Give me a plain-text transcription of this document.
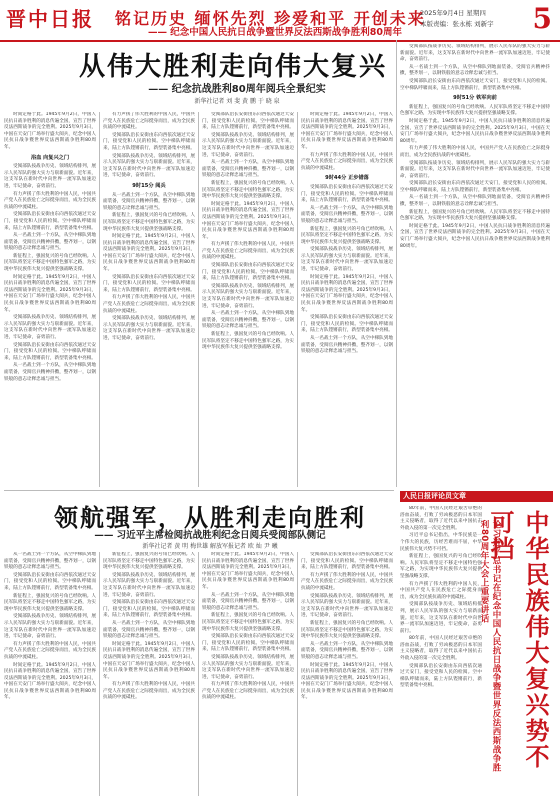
晋中日报 铭记历史 缅怀先烈 珍爱和平 开创未来
—— 纪念中国人民抗日战争暨世界反法西斯战争胜利80周年
2025年9月4日 星期四
本版责编：张永栋 刘新宇 5
从伟大胜利走向伟大复兴
—— 纪念抗战胜利80周年阅兵全景纪实
新华社记者 刘 斐 黄 鹏 于 晓 泉

时间定格于此。1945年9月2日，中国人民抗日战争胜利的消息传遍全国，宣告了世界反法西斯战争的完全胜利。2025年9月3日，中国在天安门广场举行盛大阅兵，纪念中国人民抗日战争暨世界反法西斯战争胜利80周年。

浴血 向复兴之门

受阅部队按战争历史、领域结构排列，展示人民军队的强大实力与崭新面貌。近年来，这支军队在新时代中向世界一流军队加速迈进，牢记使命，奋勇前行。

有力声援了伟大胜利的中国人民，中国共产党人在民族危亡之际挺身而出，成为全民族抗战的中流砥柱。

受阅部队沿长安街由东向西依次通过天安门，接受党和人民的检阅。空中梯队呼啸而来，陆上方队铿锵前行，新型装备集中亮相。

从一名战士到一个方队，从空中梯队到地面装备，受阅官兵精神抖擞，整齐划一，以钢铁般的意志诠释忠诚与担当。

新征程上，强国复兴的号角已经吹响。人民军队将坚定不移走中国特色强军之路，为实现中华民族伟大复兴提供坚强战略支撑。

时间定格于此。1945年9月2日，中国人民抗日战争胜利的消息传遍全国，宣告了世界反法西斯战争的完全胜利。2025年9月3日，中国在天安门广场举行盛大阅兵，纪念中国人民抗日战争暨世界反法西斯战争胜利80周年。

受阅部队按战争历史、领域结构排列，展示人民军队的强大实力与崭新面貌。近年来，这支军队在新时代中向世界一流军队加速迈进，牢记使命，奋勇前行。

受阅部队沿长安街由东向西依次通过天安门，接受党和人民的检阅。空中梯队呼啸而来，陆上方队铿锵前行，新型装备集中亮相。

从一名战士到一个方队，从空中梯队到地面装备，受阅官兵精神抖擞，整齐划一，以钢铁般的意志诠释忠诚与担当。

有力声援了伟大胜利的中国人民，中国共产党人在民族危亡之际挺身而出，成为全民族抗战的中流砥柱。

受阅部队沿长安街由东向西依次通过天安门，接受党和人民的检阅。空中梯队呼啸而来，陆上方队铿锵前行，新型装备集中亮相。

受阅部队按战争历史、领域结构排列，展示人民军队的强大实力与崭新面貌。近年来，这支军队在新时代中向世界一流军队加速迈进，牢记使命，奋勇前行。

9时15分 阅兵

从一名战士到一个方队，从空中梯队到地面装备，受阅官兵精神抖擞，整齐划一，以钢铁般的意志诠释忠诚与担当。

新征程上，强国复兴的号角已经吹响。人民军队将坚定不移走中国特色强军之路，为实现中华民族伟大复兴提供坚强战略支撑。

时间定格于此。1945年9月2日，中国人民抗日战争胜利的消息传遍全国，宣告了世界反法西斯战争的完全胜利。2025年9月3日，中国在天安门广场举行盛大阅兵，纪念中国人民抗日战争暨世界反法西斯战争胜利80周年。

受阅部队沿长安街由东向西依次通过天安门，接受党和人民的检阅。空中梯队呼啸而来，陆上方队铿锵前行，新型装备集中亮相。

有力声援了伟大胜利的中国人民，中国共产党人在民族危亡之际挺身而出，成为全民族抗战的中流砥柱。

受阅部队按战争历史、领域结构排列，展示人民军队的强大实力与崭新面貌。近年来，这支军队在新时代中向世界一流军队加速迈进，牢记使命，奋勇前行。

受阅部队沿长安街由东向西依次通过天安门，接受党和人民的检阅。空中梯队呼啸而来，陆上方队铿锵前行，新型装备集中亮相。

受阅部队按战争历史、领域结构排列，展示人民军队的强大实力与崭新面貌。近年来，这支军队在新时代中向世界一流军队加速迈进，牢记使命，奋勇前行。

从一名战士到一个方队，从空中梯队到地面装备，受阅官兵精神抖擞，整齐划一，以钢铁般的意志诠释忠诚与担当。

新征程上，强国复兴的号角已经吹响。人民军队将坚定不移走中国特色强军之路，为实现中华民族伟大复兴提供坚强战略支撑。

时间定格于此。1945年9月2日，中国人民抗日战争胜利的消息传遍全国，宣告了世界反法西斯战争的完全胜利。2025年9月3日，中国在天安门广场举行盛大阅兵，纪念中国人民抗日战争暨世界反法西斯战争胜利80周年。

有力声援了伟大胜利的中国人民，中国共产党人在民族危亡之际挺身而出，成为全民族抗战的中流砥柱。

受阅部队沿长安街由东向西依次通过天安门，接受党和人民的检阅。空中梯队呼啸而来，陆上方队铿锵前行，新型装备集中亮相。

受阅部队按战争历史、领域结构排列，展示人民军队的强大实力与崭新面貌。近年来，这支军队在新时代中向世界一流军队加速迈进，牢记使命，奋勇前行。

从一名战士到一个方队，从空中梯队到地面装备，受阅官兵精神抖擞，整齐划一，以钢铁般的意志诠释忠诚与担当。

新征程上，强国复兴的号角已经吹响。人民军队将坚定不移走中国特色强军之路，为实现中华民族伟大复兴提供坚强战略支撑。

时间定格于此。1945年9月2日，中国人民抗日战争胜利的消息传遍全国，宣告了世界反法西斯战争的完全胜利。2025年9月3日，中国在天安门广场举行盛大阅兵，纪念中国人民抗日战争暨世界反法西斯战争胜利80周年。

有力声援了伟大胜利的中国人民，中国共产党人在民族危亡之际挺身而出，成为全民族抗战的中流砥柱。

9时44分 正步错落

受阅部队沿长安街由东向西依次通过天安门，接受党和人民的检阅。空中梯队呼啸而来，陆上方队铿锵前行，新型装备集中亮相。

从一名战士到一个方队，从空中梯队到地面装备，受阅官兵精神抖擞，整齐划一，以钢铁般的意志诠释忠诚与担当。

新征程上，强国复兴的号角已经吹响。人民军队将坚定不移走中国特色强军之路，为实现中华民族伟大复兴提供坚强战略支撑。

受阅部队按战争历史、领域结构排列，展示人民军队的强大实力与崭新面貌。近年来，这支军队在新时代中向世界一流军队加速迈进，牢记使命，奋勇前行。

时间定格于此。1945年9月2日，中国人民抗日战争胜利的消息传遍全国，宣告了世界反法西斯战争的完全胜利。2025年9月3日，中国在天安门广场举行盛大阅兵，纪念中国人民抗日战争暨世界反法西斯战争胜利80周年。

受阅部队沿长安街由东向西依次通过天安门，接受党和人民的检阅。空中梯队呼啸而来，陆上方队铿锵前行，新型装备集中亮相。

从一名战士到一个方队，从空中梯队到地面装备，受阅官兵精神抖擞，整齐划一，以钢铁般的意志诠释忠诚与担当。

受阅部队按战争历史、领域结构排列，展示人民军队的强大实力与崭新面貌。近年来，这支军队在新时代中向世界一流军队加速迈进，牢记使命，奋勇前行。

从一名战士到一个方队，从空中梯队到地面装备，受阅官兵精神抖擞，整齐划一，以钢铁般的意志诠释忠诚与担当。

受阅部队沿长安街由东向西依次通过天安门，接受党和人民的检阅。空中梯队呼啸而来，陆上方队铿锵前行，新型装备集中亮相。

9时51分 铁军向前

新征程上，强国复兴的号角已经吹响。人民军队将坚定不移走中国特色强军之路，为实现中华民族伟大复兴提供坚强战略支撑。

时间定格于此。1945年9月2日，中国人民抗日战争胜利的消息传遍全国，宣告了世界反法西斯战争的完全胜利。2025年9月3日，中国在天安门广场举行盛大阅兵，纪念中国人民抗日战争暨世界反法西斯战争胜利80周年。

有力声援了伟大胜利的中国人民，中国共产党人在民族危亡之际挺身而出，成为全民族抗战的中流砥柱。

受阅部队按战争历史、领域结构排列，展示人民军队的强大实力与崭新面貌。近年来，这支军队在新时代中向世界一流军队加速迈进，牢记使命，奋勇前行。

受阅部队沿长安街由东向西依次通过天安门，接受党和人民的检阅。空中梯队呼啸而来，陆上方队铿锵前行，新型装备集中亮相。

从一名战士到一个方队，从空中梯队到地面装备，受阅官兵精神抖擞，整齐划一，以钢铁般的意志诠释忠诚与担当。

新征程上，强国复兴的号角已经吹响。人民军队将坚定不移走中国特色强军之路，为实现中华民族伟大复兴提供坚强战略支撑。

时间定格于此。1945年9月2日，中国人民抗日战争胜利的消息传遍全国，宣告了世界反法西斯战争的完全胜利。2025年9月3日，中国在天安门广场举行盛大阅兵，纪念中国人民抗日战争暨世界反法西斯战争胜利80周年。

领航强军，从胜利走向胜利
—— 习近平主席检阅抗战胜利纪念日阅兵受阅部队侧记
新华社记者 黄 明 梅世雄 解放军报记者 欧 灿 尹 曦

从一名战士到一个方队，从空中梯队到地面装备，受阅官兵精神抖擞，整齐划一，以钢铁般的意志诠释忠诚与担当。

受阅部队沿长安街由东向西依次通过天安门，接受党和人民的检阅。空中梯队呼啸而来，陆上方队铿锵前行，新型装备集中亮相。

新征程上，强国复兴的号角已经吹响。人民军队将坚定不移走中国特色强军之路，为实现中华民族伟大复兴提供坚强战略支撑。

受阅部队按战争历史、领域结构排列，展示人民军队的强大实力与崭新面貌。近年来，这支军队在新时代中向世界一流军队加速迈进，牢记使命，奋勇前行。

有力声援了伟大胜利的中国人民，中国共产党人在民族危亡之际挺身而出，成为全民族抗战的中流砥柱。

时间定格于此。1945年9月2日，中国人民抗日战争胜利的消息传遍全国，宣告了世界反法西斯战争的完全胜利。2025年9月3日，中国在天安门广场举行盛大阅兵，纪念中国人民抗日战争暨世界反法西斯战争胜利80周年。

新征程上，强国复兴的号角已经吹响。人民军队将坚定不移走中国特色强军之路，为实现中华民族伟大复兴提供坚强战略支撑。

受阅部队按战争历史、领域结构排列，展示人民军队的强大实力与崭新面貌。近年来，这支军队在新时代中向世界一流军队加速迈进，牢记使命，奋勇前行。

受阅部队沿长安街由东向西依次通过天安门，接受党和人民的检阅。空中梯队呼啸而来，陆上方队铿锵前行，新型装备集中亮相。

从一名战士到一个方队，从空中梯队到地面装备，受阅官兵精神抖擞，整齐划一，以钢铁般的意志诠释忠诚与担当。

时间定格于此。1945年9月2日，中国人民抗日战争胜利的消息传遍全国，宣告了世界反法西斯战争的完全胜利。2025年9月3日，中国在天安门广场举行盛大阅兵，纪念中国人民抗日战争暨世界反法西斯战争胜利80周年。

有力声援了伟大胜利的中国人民，中国共产党人在民族危亡之际挺身而出，成为全民族抗战的中流砥柱。

时间定格于此。1945年9月2日，中国人民抗日战争胜利的消息传遍全国，宣告了世界反法西斯战争的完全胜利。2025年9月3日，中国在天安门广场举行盛大阅兵，纪念中国人民抗日战争暨世界反法西斯战争胜利80周年。

从一名战士到一个方队，从空中梯队到地面装备，受阅官兵精神抖擞，整齐划一，以钢铁般的意志诠释忠诚与担当。

新征程上，强国复兴的号角已经吹响。人民军队将坚定不移走中国特色强军之路，为实现中华民族伟大复兴提供坚强战略支撑。

受阅部队沿长安街由东向西依次通过天安门，接受党和人民的检阅。空中梯队呼啸而来，陆上方队铿锵前行，新型装备集中亮相。

受阅部队按战争历史、领域结构排列，展示人民军队的强大实力与崭新面貌。近年来，这支军队在新时代中向世界一流军队加速迈进，牢记使命，奋勇前行。

有力声援了伟大胜利的中国人民，中国共产党人在民族危亡之际挺身而出，成为全民族抗战的中流砥柱。

受阅部队沿长安街由东向西依次通过天安门，接受党和人民的检阅。空中梯队呼啸而来，陆上方队铿锵前行，新型装备集中亮相。

有力声援了伟大胜利的中国人民，中国共产党人在民族危亡之际挺身而出，成为全民族抗战的中流砥柱。

受阅部队按战争历史、领域结构排列，展示人民军队的强大实力与崭新面貌。近年来，这支军队在新时代中向世界一流军队加速迈进，牢记使命，奋勇前行。

新征程上，强国复兴的号角已经吹响。人民军队将坚定不移走中国特色强军之路，为实现中华民族伟大复兴提供坚强战略支撑。

从一名战士到一个方队，从空中梯队到地面装备，受阅官兵精神抖擞，整齐划一，以钢铁般的意志诠释忠诚与担当。

时间定格于此。1945年9月2日，中国人民抗日战争胜利的消息传遍全国，宣告了世界反法西斯战争的完全胜利。2025年9月3日，中国在天安门广场举行盛大阅兵，纪念中国人民抗日战争暨世界反法西斯战争胜利80周年。

人民日报评论员文章

80年前，中国人民经过艰苦卓绝的浴血奋战，打败了穷凶极恶的日本军国主义侵略者，取得了近代以来中国抗击外敌入侵的第一次完全胜利。

习近平总书记指出，中华民族是一个伟大的民族，历经苦难而不屈，中华民族伟大复兴势不可挡。

新征程上，强国复兴的号角已经吹响。人民军队将坚定不移走中国特色强军之路，为实现中华民族伟大复兴提供坚强战略支撑。

有力声援了伟大胜利的中国人民，中国共产党人在民族危亡之际挺身而出，成为全民族抗战的中流砥柱。

受阅部队按战争历史、领域结构排列，展示人民军队的强大实力与崭新面貌。近年来，这支军队在新时代中向世界一流军队加速迈进，牢记使命，奋勇前行。

80年前，中国人民经过艰苦卓绝的浴血奋战，打败了穷凶极恶的日本军国主义侵略者，取得了近代以来中国抗击外敌入侵的第一次完全胜利。

受阅部队沿长安街由东向西依次通过天安门，接受党和人民的检阅。空中梯队呼啸而来，陆上方队铿锵前行，新型装备集中亮相。	论习近平总书记在纪念中国人民抗日战争暨世界反法西斯战争胜利80周年大会上重要讲话	中华民族伟大复兴势不可挡
